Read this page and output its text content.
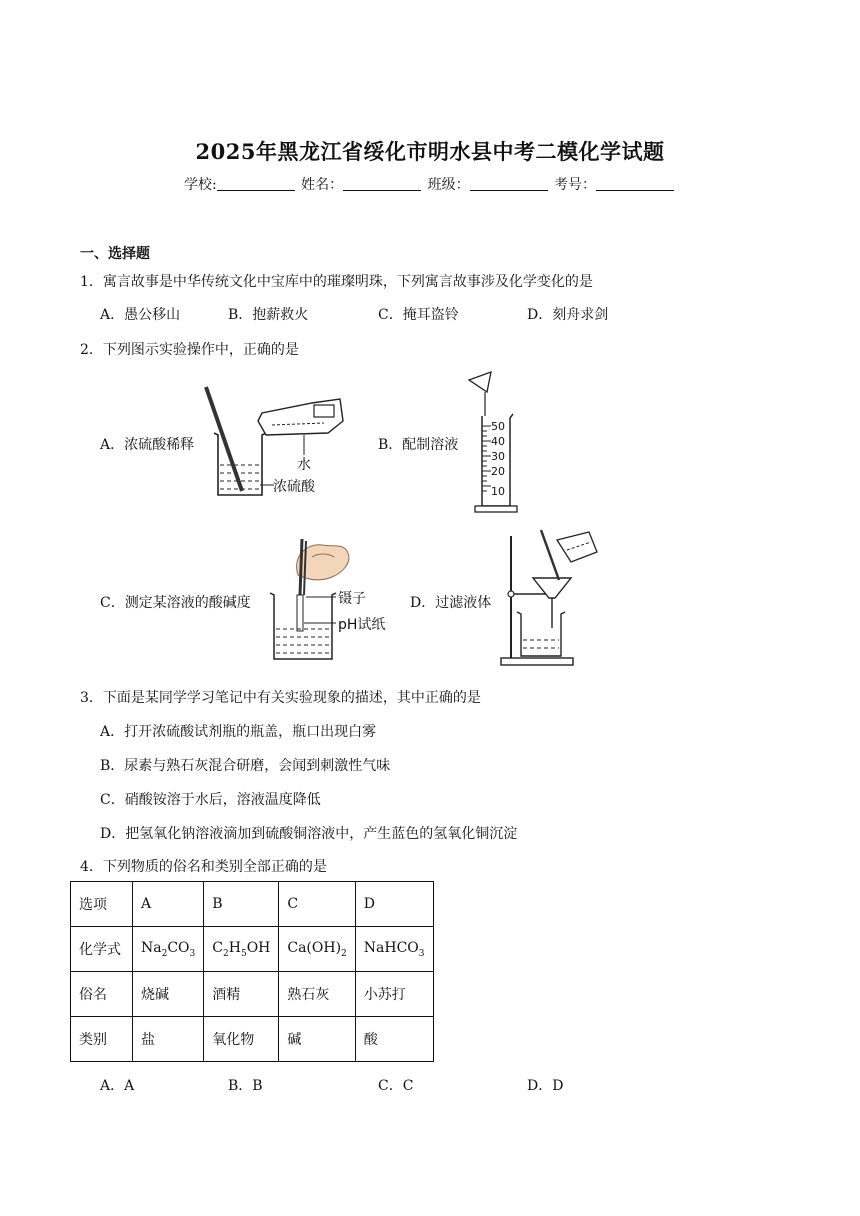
2025年黑龙江省绥化市明水县中考二模化学试题
学校:	姓名：	班级：	考号：
一、选择题
1．寓言故事是中华传统文化中宝库中的璀璨明珠，下列寓言故事涉及化学变化的是
A．愚公移山	B．抱薪救火	C．掩耳盗铃	D．刻舟求剑
2．下列图示实验操作中，正确的是
A．浓硫酸稀释	B．配制溶液
C．测定某溶液的酸碱度	D．过滤液体
水
浓硫酸
50
40
30
20
10
镊子
pH试纸
3．下面是某同学学习笔记中有关实验现象的描述，其中正确的是
A．打开浓硫酸试剂瓶的瓶盖，瓶口出现白雾
B．尿素与熟石灰混合研磨，会闻到刺激性气味
C．硝酸铵溶于水后，溶液温度降低
D．把氢氧化钠溶液滴加到硫酸铜溶液中，产生蓝色的氢氧化铜沉淀
4．下列物质的俗名和类别全部正确的是
选项	A	B	C	D
化学式	$Na_2CO_3$	$C_2H_5OH$	$Ca(OH)_2$	NaHCO$_3$
俗名	烧碱	酒精	熟石灰	小苏打
类别	盐	氧化物	碱	酸
A．A	B．B	C．C	D．D
